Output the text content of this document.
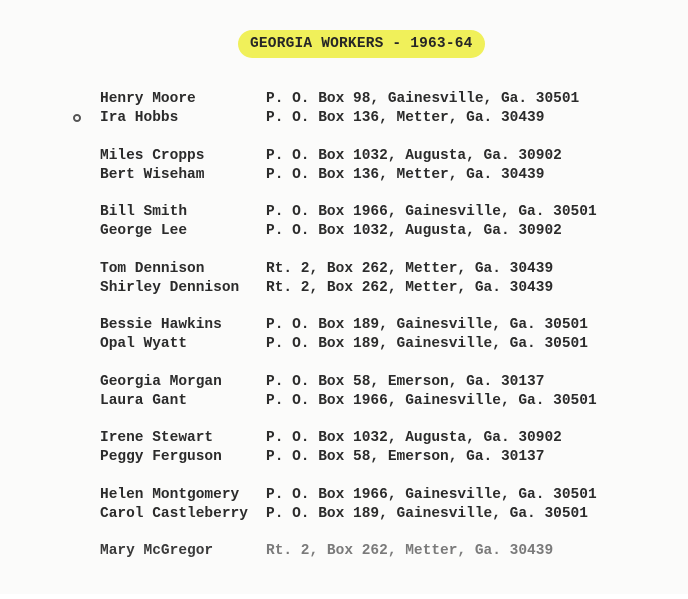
GEORGIA WORKERS - 1963-64
Henry Moore	P. O. Box 98, Gainesville, Ga. 30501
Ira Hobbs	P. O. Box 136, Metter, Ga. 30439
Miles Cropps	P. O. Box 1032, Augusta, Ga. 30902
Bert Wiseham	P. O. Box 136, Metter, Ga. 30439
Bill Smith	P. O. Box 1966, Gainesville, Ga. 30501
George Lee	P. O. Box 1032, Augusta, Ga. 30902
Tom Dennison	Rt. 2, Box 262, Metter, Ga. 30439
Shirley Dennison Rt. 2, Box 262, Metter, Ga. 30439
Bessie Hawkins	P. O. Box 189, Gainesville, Ga. 30501
Opal Wyatt	P. O. Box 189, Gainesville, Ga. 30501
Georgia Morgan	P. O. Box 58, Emerson, Ga. 30137
Laura Gant	P. O. Box 1966, Gainesville, Ga. 30501
Irene Stewart	P. O. Box 1032, Augusta, Ga. 30902
Peggy Ferguson	P. O. Box 58, Emerson, Ga. 30137
Helen Montgomery P. O. Box 1966, Gainesville, Ga. 30501
Carol Castleberry P. O. Box 189, Gainesville, Ga. 30501
Mary McGregor	Rt. 2, Box 262, Metter, Ga. 30439
